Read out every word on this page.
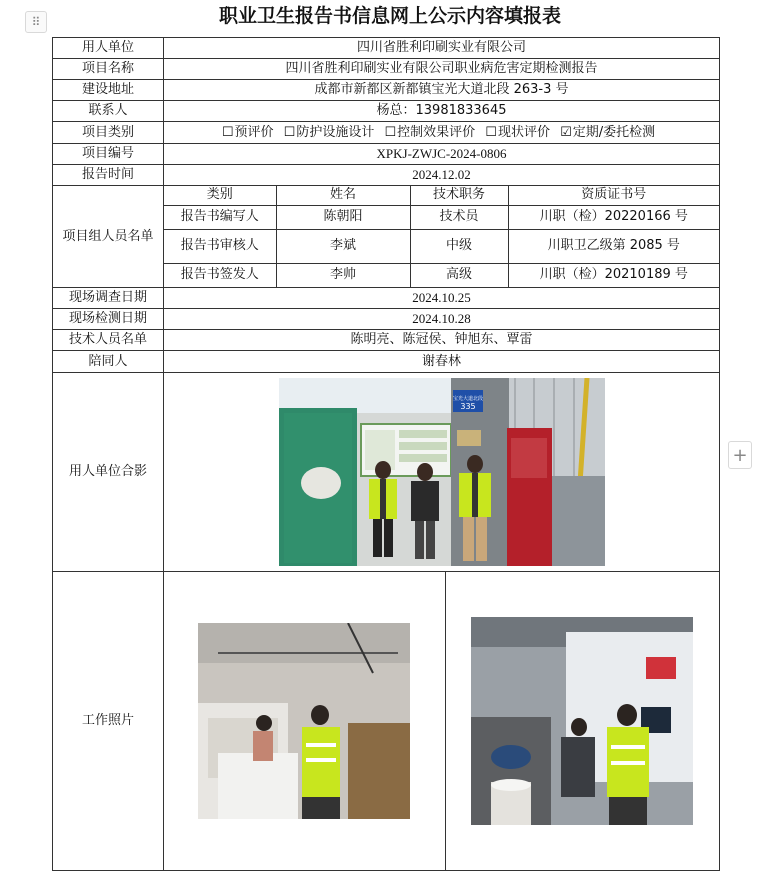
职业卫生报告书信息网上公示内容填报表
⠿
+
用人单位	四川省胜利印刷实业有限公司
项目名称	四川省胜利印刷实业有限公司职业病危害定期检测报告
建设地址	成都市新都区新都镇宝光大道北段 263-3 号
联系人	杨总：13981833645
项目类别	☐预评价 ☐防护设施设计 ☐控制效果评价 ☐现状评价 ☑定期/委托检测
项目编号	XPKJ-ZWJC-2024-0806
报告时间	2024.12.02
项目组人员名单	
类别	姓名	技术职务	资质证书号
报告书编写人	陈朝阳	技术员	川职（检）20220166 号
报告书审核人	李斌	中级	川职卫乙级第 2085 号
报告书签发人	李帅	高级	川职（检）20210189 号

现场调查日期	2024.10.25
现场检测日期	2024.10.28
技术人员名单	陈明亮、陈冠侯、钟旭东、覃雷
陪同人	谢春林
用人单位合影	
宝光大道北段
335

工作照片	
